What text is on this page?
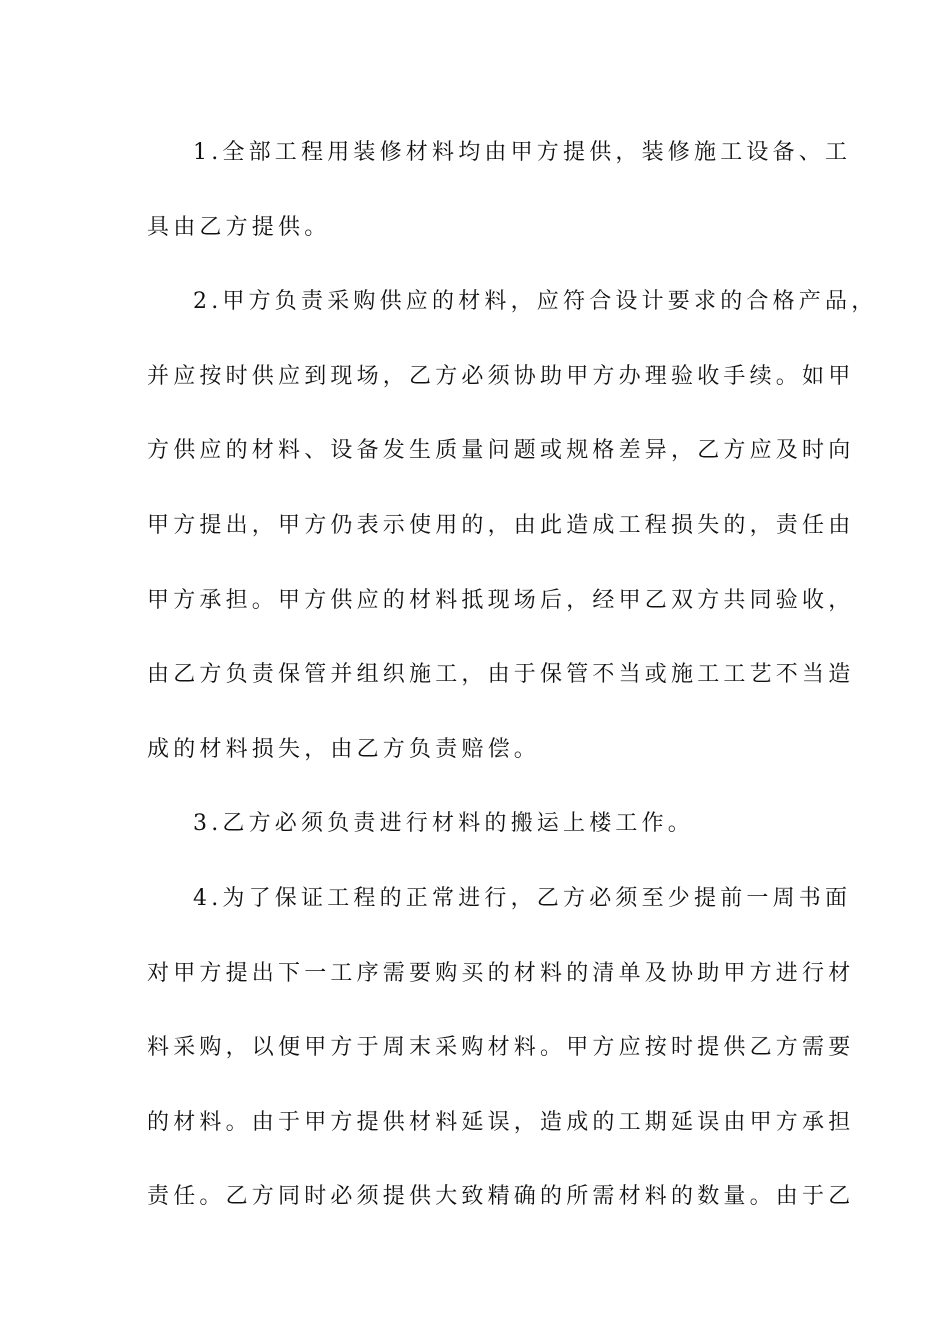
1.全部工程用装修材料均由甲方提供，装修施工设备、工
具由乙方提供。
2.甲方负责采购供应的材料，应符合设计要求的合格产品，
并应按时供应到现场，乙方必须协助甲方办理验收手续。如甲
方供应的材料、设备发生质量问题或规格差异，乙方应及时向
甲方提出，甲方仍表示使用的，由此造成工程损失的，责任由
甲方承担。甲方供应的材料抵现场后，经甲乙双方共同验收，
由乙方负责保管并组织施工，由于保管不当或施工工艺不当造
成的材料损失，由乙方负责赔偿。
3.乙方必须负责进行材料的搬运上楼工作。
4.为了保证工程的正常进行，乙方必须至少提前一周书面
对甲方提出下一工序需要购买的材料的清单及协助甲方进行材
料采购，以便甲方于周末采购材料。甲方应按时提供乙方需要
的材料。由于甲方提供材料延误，造成的工期延误由甲方承担
责任。乙方同时必须提供大致精确的所需材料的数量。由于乙
